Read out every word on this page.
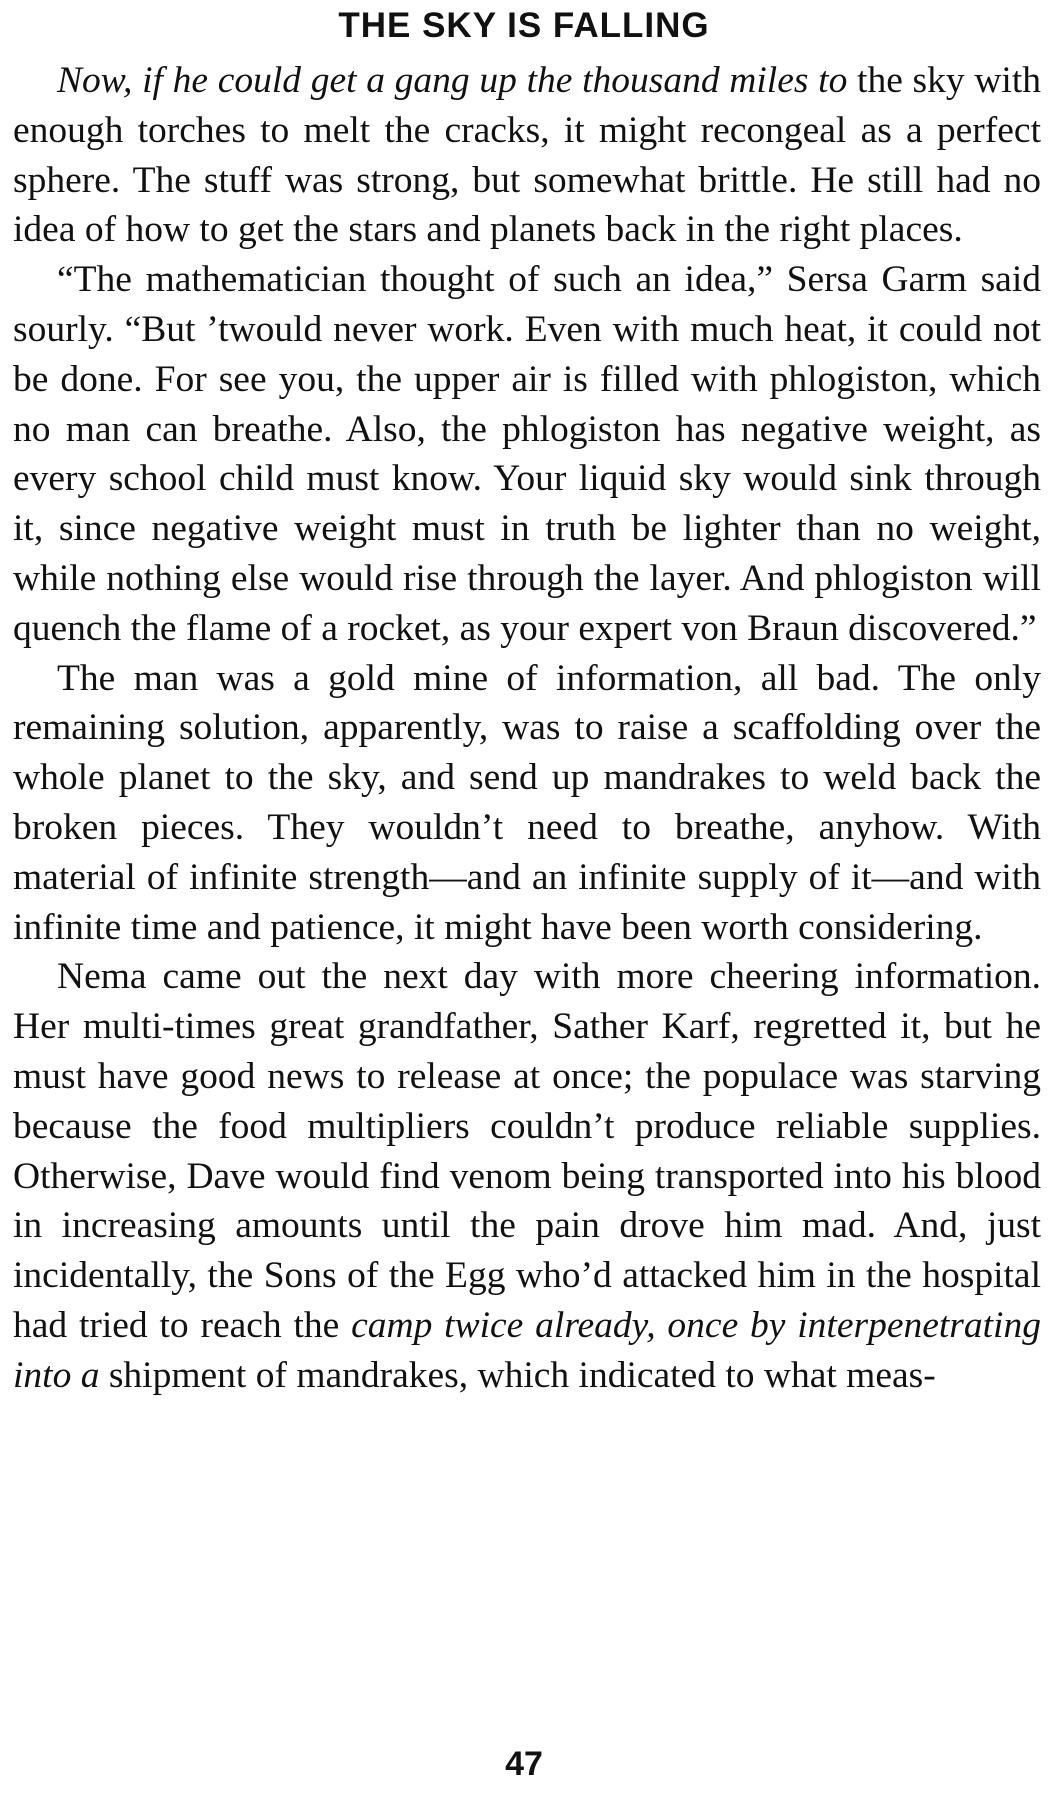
THE SKY IS FALLING

Now, if he could get a gang up the thousand miles to the sky with enough torches to melt the cracks, it might recongeal as a perfect sphere. The stuff was strong, but somewhat brittle. He still had no idea of how to get the stars and planets back in the right places.

“The mathematician thought of such an idea,” Sersa Garm said sourly. “But ’twould never work. Even with much heat, it could not be done. For see you, the upper air is filled with phlogiston, which no man can breathe. Also, the phlogiston has negative weight, as every school child must know. Your liquid sky would sink through it, since negative weight must in truth be lighter than no weight, while nothing else would rise through the layer. And phlogiston will quench the flame of a rocket, as your expert von Braun discovered.”

The man was a gold mine of information, all bad. The only remaining solution, apparently, was to raise a scaffolding over the whole planet to the sky, and send up mandrakes to weld back the broken pieces. They wouldn’t need to breathe, anyhow. With material of infinite strength—and an infinite supply of it—and with infinite time and patience, it might have been worth considering.

Nema came out the next day with more cheering information. Her multi-times great grandfather, Sather Karf, regretted it, but he must have good news to release at once; the populace was starving because the food multipliers couldn’t produce reliable supplies. Otherwise, Dave would find venom being transported into his blood in increasing amounts until the pain drove him mad. And, just incidentally, the Sons of the Egg who’d attacked him in the hospital had tried to reach the camp twice already, once by interpenetrating into a shipment of mandrakes, which indicated to what meas-

47
